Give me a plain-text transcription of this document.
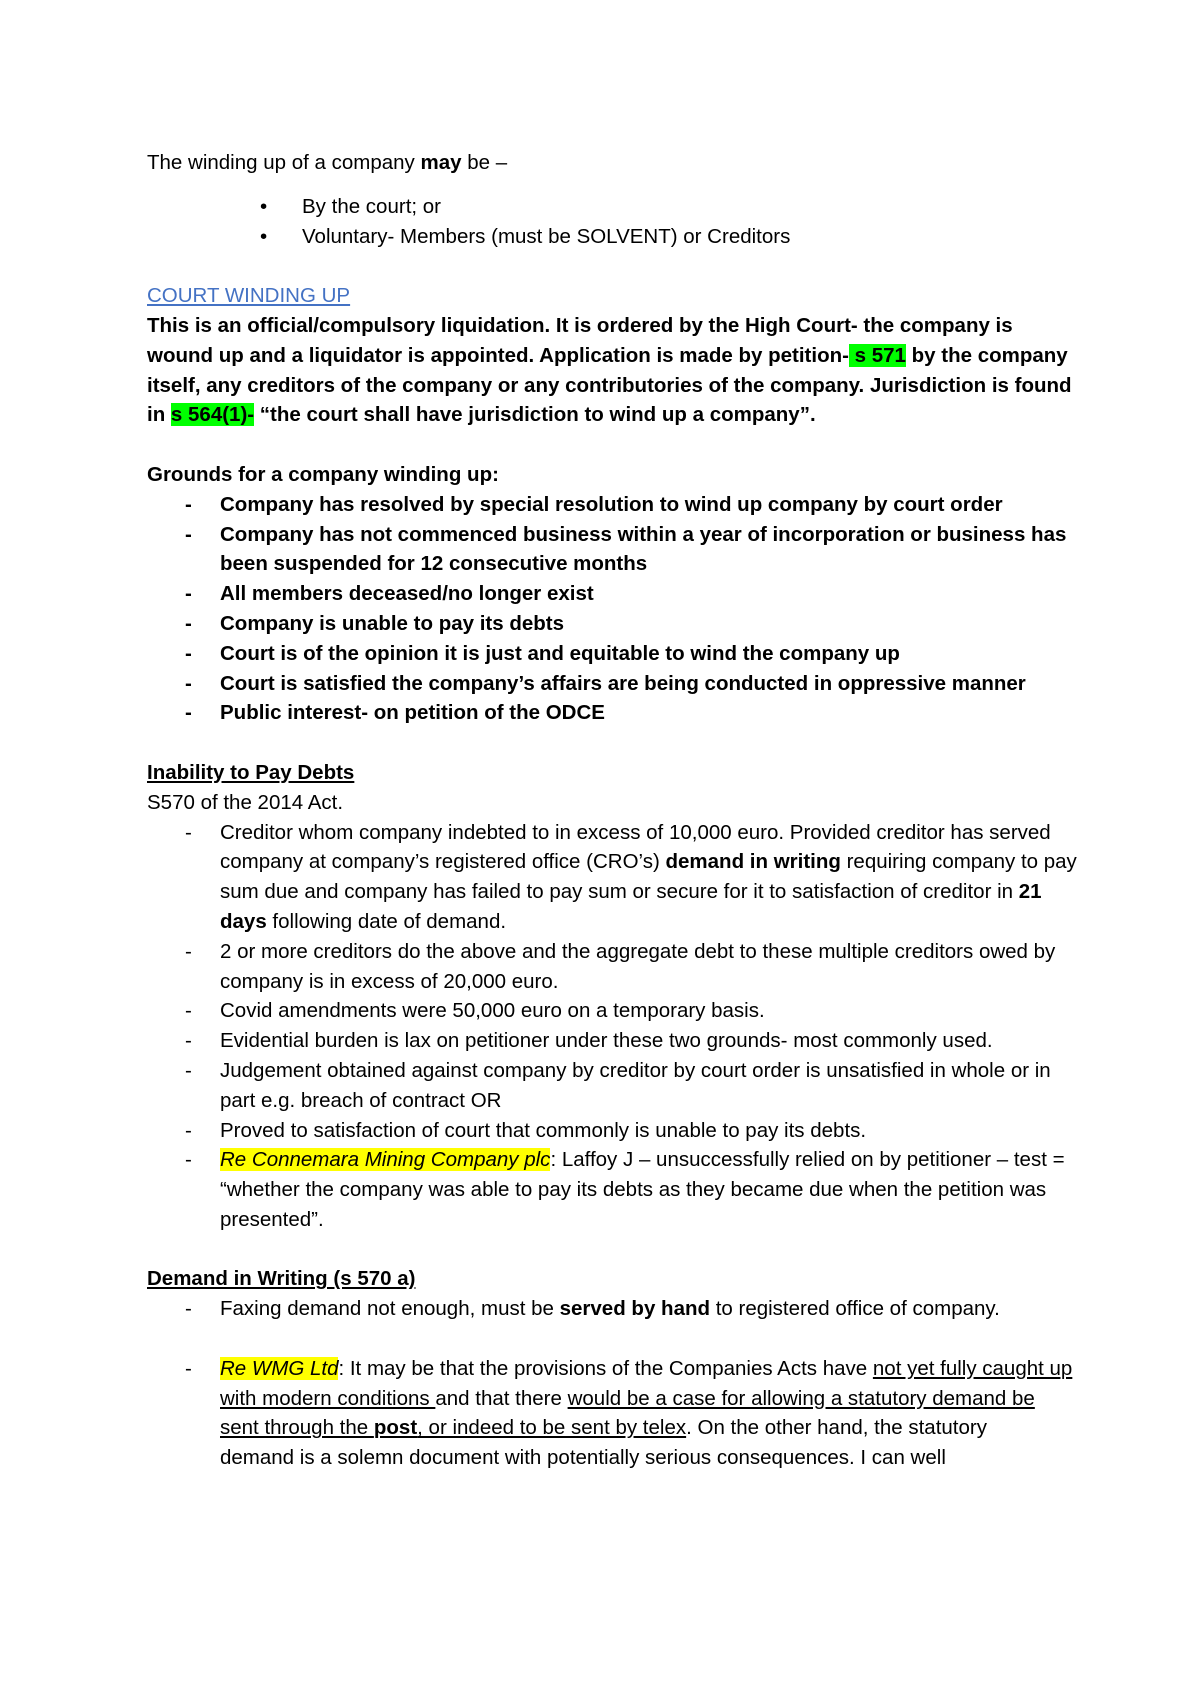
The winding up of a company may be –

• By the court; or
• Voluntary- Members (must be SOLVENT) or Creditors

COURT WINDING UP

This is an official/compulsory liquidation. It is ordered by the High Court- the company is wound up and a liquidator is appointed. Application is made by petition- s 571 by the company itself, any creditors of the company or any contributories of the company. Jurisdiction is found in s 564(1)- “the court shall have jurisdiction to wind up a company”.

Grounds for a company winding up:

- Company has resolved by special resolution to wind up company by court order
- Company has not commenced business within a year of incorporation or business has been suspended for 12 consecutive months
- All members deceased/no longer exist
- Company is unable to pay its debts
- Court is of the opinion it is just and equitable to wind the company up
- Court is satisfied the company’s affairs are being conducted in oppressive manner
- Public interest- on petition of the ODCE

Inability to Pay Debts

S570 of the 2014 Act.

- Creditor whom company indebted to in excess of 10,000 euro. Provided creditor has served company at company’s registered office (CRO’s) demand in writing requiring company to pay sum due and company has failed to pay sum or secure for it to satisfaction of creditor in 21 days following date of demand.
- 2 or more creditors do the above and the aggregate debt to these multiple creditors owed by company is in excess of 20,000 euro.
- Covid amendments were 50,000 euro on a temporary basis.
- Evidential burden is lax on petitioner under these two grounds- most commonly used.
- Judgement obtained against company by creditor by court order is unsatisfied in whole or in part e.g. breach of contract OR
- Proved to satisfaction of court that commonly is unable to pay its debts.
- Re Connemara Mining Company plc: Laffoy J – unsuccessfully relied on by petitioner – test = “whether the company was able to pay its debts as they became due when the petition was presented”.

Demand in Writing (s 570 a)

- Faxing demand not enough, must be served by hand to registered office of company.
- Re WMG Ltd: It may be that the provisions of the Companies Acts have not yet fully caught up with modern conditions and that there would be a case for allowing a statutory demand be sent through the post, or indeed to be sent by telex. On the other hand, the statutory
demand is a solemn document with potentially serious consequences. I can well
